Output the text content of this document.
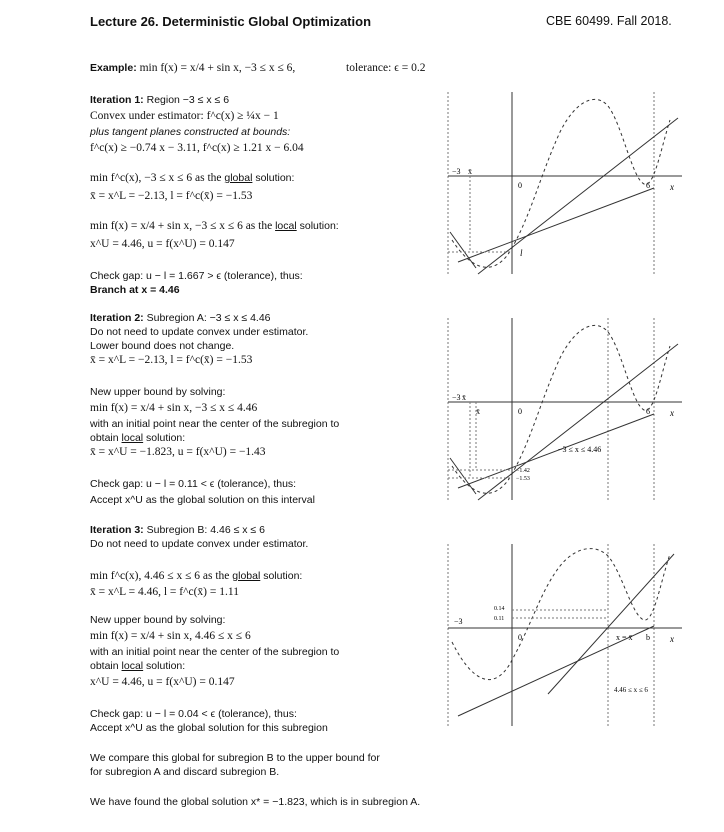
Lecture 26. Deterministic Global Optimization	CBE 60499. Fall 2018.
Example: min f(x) = x/4 + sin x, −3 ≤ x ≤ 6,	tolerance: ϵ = 0.2
Iteration 1: Region −3 ≤ x ≤ 6
Convex under estimator: f^c(x) ≥ ¼x − 1
plus tangent planes constructed at bounds:
f^c(x) ≥ −0.74 x − 3.11, f^c(x) ≥ 1.21 x − 6.04
min f^c(x), −3 ≤ x ≤ 6 as the global solution:
x̄ = x^L = −2.13, l = f^c(x̄) = −1.53
min f(x) = x/4 + sin x, −3 ≤ x ≤ 6 as the local solution:
x^U = 4.46, u = f(x^U) = 0.147
Check gap: u − l = 1.667 > ϵ (tolerance), thus:
Branch at x = 4.46
Iteration 2: Subregion A: −3 ≤ x ≤ 4.46
Do not need to update convex under estimator.
Lower bound does not change.
x̄ = x^L = −2.13, l = f^c(x̄) = −1.53
New upper bound by solving:
min f(x) = x/4 + sin x, −3 ≤ x ≤ 4.46
with an initial point near the center of the subregion to
obtain local solution:
x̄ = x^U = −1.823, u = f(x^U) = −1.43
Check gap: u − l = 0.11 < ϵ (tolerance), thus:
Accept x^U as the global solution on this interval
Iteration 3: Subregion B: 4.46 ≤ x ≤ 6
Do not need to update convex under estimator.
min f^c(x), 4.46 ≤ x ≤ 6 as the global solution:
x̄ = x^L = 4.46, l = f^c(x̄) = 1.11
New upper bound by solving:
min f(x) = x/4 + sin x, 4.46 ≤ x ≤ 6
with an initial point near the center of the subregion to
obtain local solution:
x^U = 4.46, u = f(x^U) = 0.147
Check gap: u − l = 0.04 < ϵ (tolerance), thus:
Accept x^U as the global solution for this subregion
We compare this global for subregion B to the upper bound for
for subregion A and discard subregion B.
We have found the global solution x* = −1.823, which is in subregion A.
−3 x̄
0	6 x
l
−3 x̄
x̄	0	6 x
−3 ≤ x ≤ 4.46
−1.42
−1.53
−3
0
0.14
0.11
x = x̄ b x
4.46 ≤ x ≤ 6
